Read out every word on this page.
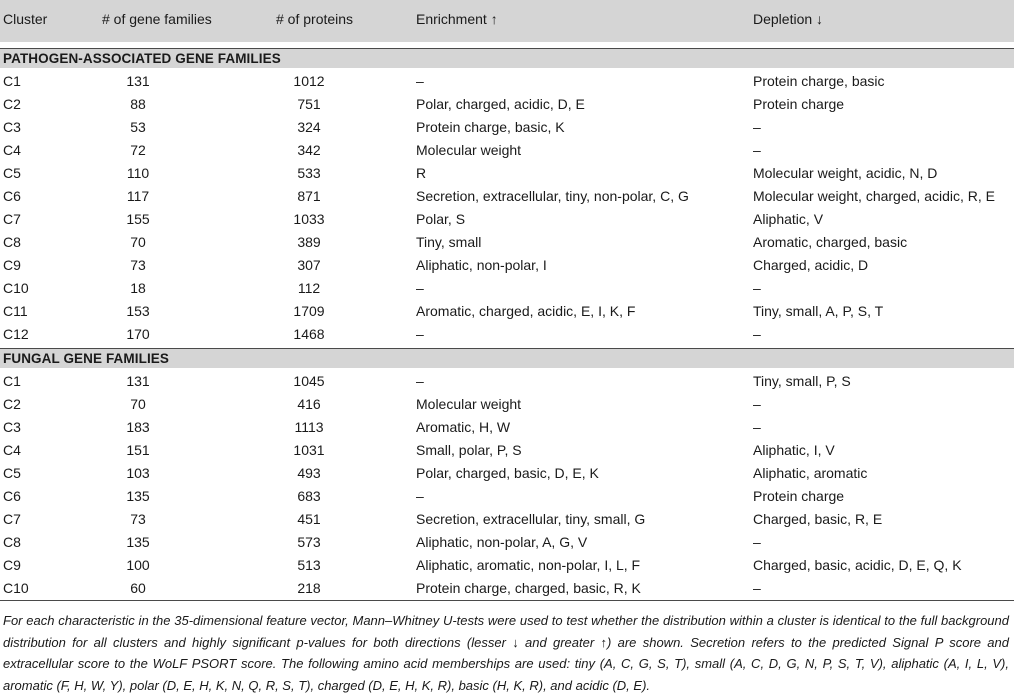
Cluster	# of gene families	# of proteins	Enrichment ↑	Depletion ↓
PATHOGEN-ASSOCIATED GENE FAMILIES
C1	131	1012	–	Protein charge, basic
C2	88	751	Polar, charged, acidic, D, E	Protein charge
C3	53	324	Protein charge, basic, K	–
C4	72	342	Molecular weight	–
C5	110	533	R	Molecular weight, acidic, N, D
C6	117	871	Secretion, extracellular, tiny, non-polar, C, G	Molecular weight, charged, acidic, R, E
C7	155	1033	Polar, S	Aliphatic, V
C8	70	389	Tiny, small	Aromatic, charged, basic
C9	73	307	Aliphatic, non-polar, I	Charged, acidic, D
C10	18	112	–	–
C11	153	1709	Aromatic, charged, acidic, E, I, K, F	Tiny, small, A, P, S, T
C12	170	1468	–	–
FUNGAL GENE FAMILIES
C1	131	1045	–	Tiny, small, P, S
C2	70	416	Molecular weight	–
C3	183	1113	Aromatic, H, W	–
C4	151	1031	Small, polar, P, S	Aliphatic, I, V
C5	103	493	Polar, charged, basic, D, E, K	Aliphatic, aromatic
C6	135	683	–	Protein charge
C7	73	451	Secretion, extracellular, tiny, small, G	Charged, basic, R, E
C8	135	573	Aliphatic, non-polar, A, G, V	–
C9	100	513	Aliphatic, aromatic, non-polar, I, L, F	Charged, basic, acidic, D, E, Q, K
C10	60	218	Protein charge, charged, basic, R, K	–
For each characteristic in the 35-dimensional feature vector, Mann–Whitney U-tests were used to test whether the distribution within a cluster is identical to the full background distribution for all clusters and highly significant p-values for both directions (lesser ↓ and greater ↑) are shown. Secretion refers to the predicted Signal P score and extracellular score to the WoLF PSORT score. The following amino acid memberships are used: tiny (A, C, G, S, T), small (A, C, D, G, N, P, S, T, V), aliphatic (A, I, L, V), aromatic (F, H, W, Y), polar (D, E, H, K, N, Q, R, S, T), charged (D, E, H, K, R), basic (H, K, R), and acidic (D, E).
